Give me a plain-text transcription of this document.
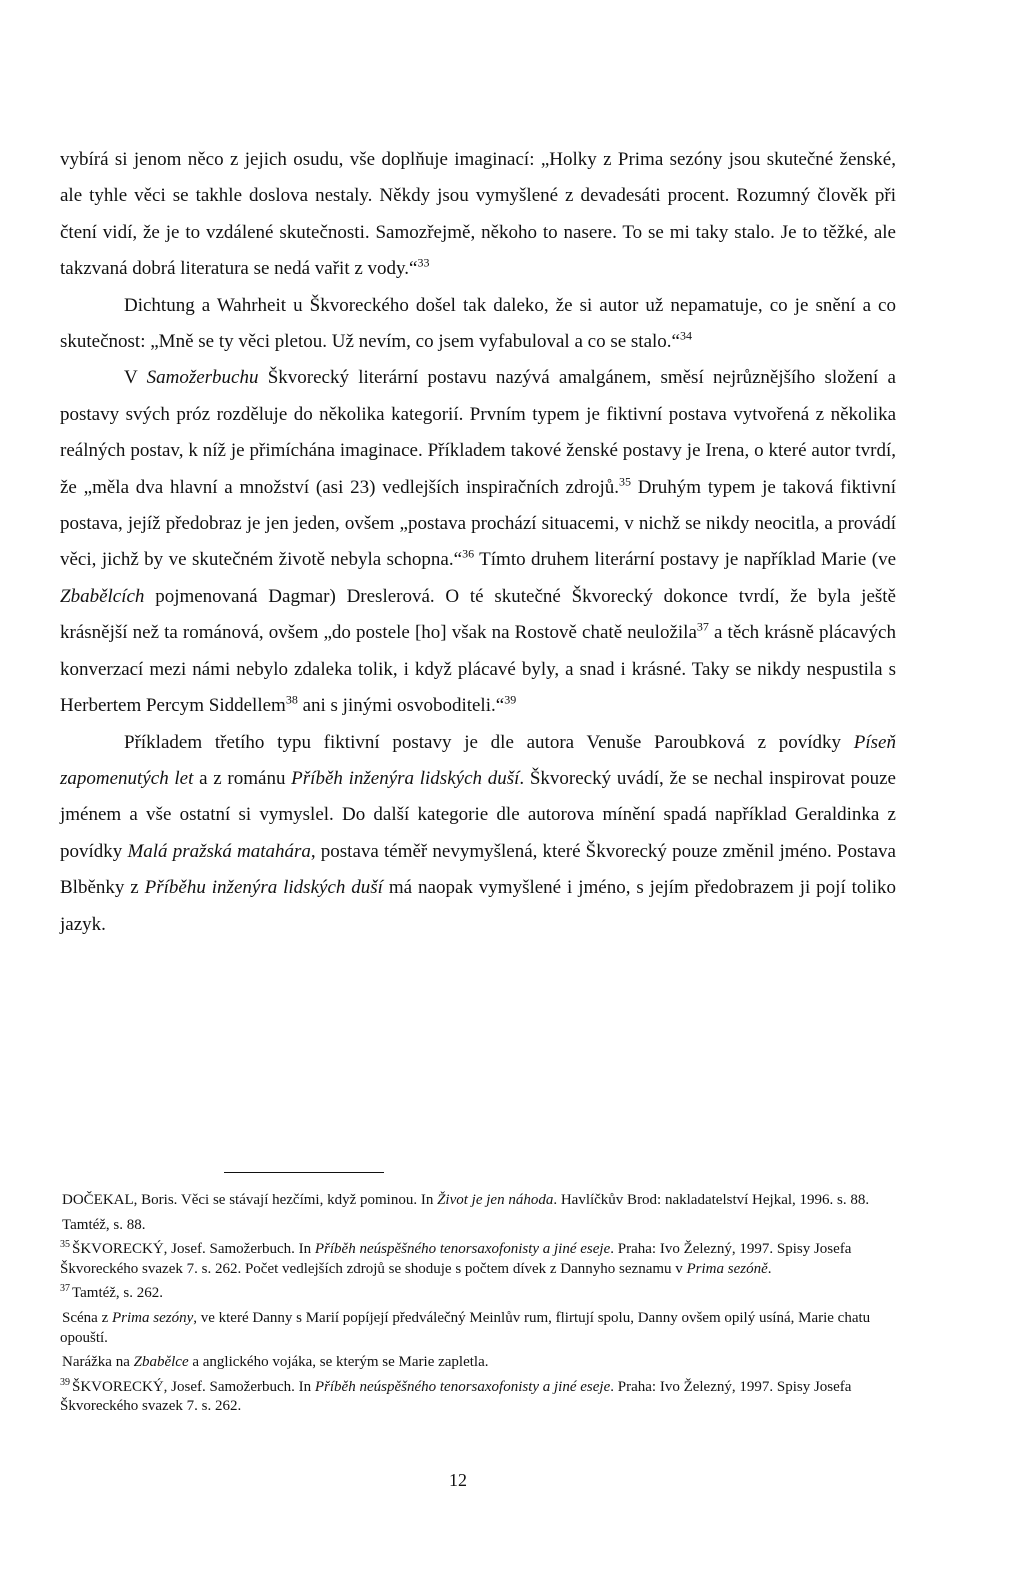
vybírá si jenom něco z jejich osudu, vše doplňuje imaginací: „Holky z Prima sezóny jsou skutečné ženské, ale tyhle věci se takhle doslova nestaly. Někdy jsou vymyšlené z devadesáti procent. Rozumný člověk při čtení vidí, že je to vzdálené skutečnosti. Samozřejmě, někoho to nasere. To se mi taky stalo. Je to těžké, ale takzvaná dobrá literatura se nedá vařit z vody.“$^{33}$

Dichtung a Wahrheit u Škvoreckého došel tak daleko, že si autor už nepamatuje, co je snění a co skutečnost: „Mně se ty věci pletou. Už nevím, co jsem vyfabuloval a co se stalo.“$^{34}$

V Samožerbuchu Škvorecký literární postavu nazývá amalgánem, směsí nejrůznějšího složení a postavy svých próz rozděluje do několika kategorií. Prvním typem je fiktivní postava vytvořená z několika reálných postav, k níž je přimíchána imaginace. Příkladem takové ženské postavy je Irena, o které autor tvrdí, že „měla dva hlavní a množství (asi 23) vedlejších inspiračních zdrojů.$^{35}$ Druhým typem je taková fiktivní postava, jejíž předobraz je jen jeden, ovšem „postava prochází situacemi, v nichž se nikdy neocitla, a provádí věci, jichž by ve skutečném životě nebyla schopna.“$^{36}$ Tímto druhem literární postavy je například Marie (ve Zbabělcích pojmenovaná Dagmar) Dreslerová. O té skutečné Škvorecký dokonce tvrdí, že byla ještě krásnější než ta románová, ovšem „do postele [ho] však na Rostově chatě neuložila$^{37}$ a těch krásně plácavých konverzací mezi námi nebylo zdaleka tolik, i když plácavé byly, a snad i krásné. Taky se nikdy nespustila s Herbertem Percym Siddellem$^{38}$ ani s jinými osvoboditeli.“$^{39}$

Příkladem třetího typu fiktivní postavy je dle autora Venuše Paroubková z povídky Píseň zapomenutých let a z románu Příběh inženýra lidských duší. Škvorecký uvádí, že se nechal inspirovat pouze jménem a vše ostatní si vymyslel. Do další kategorie dle autorova mínění spadá například Geraldinka z povídky Malá pražská matahára, postava téměř nevymyšlená, které Škvorecký pouze změnil jméno. Postava Blběnky z Příběhu inženýra lidských duší má naopak vymyšlené i jméno, s jejím předobrazem ji pojí toliko jazyk.

DOČEKAL, Boris. Věci se stávají hezčími, když pominou. In Život je jen náhoda. Havlíčkův Brod: nakladatelství Hejkal, 1996. s. 88.

Tamtéž, s. 88.

$^{35}$ ŠKVORECKÝ, Josef. Samožerbuch. In Příběh neúspěšného tenorsaxofonisty a jiné eseje. Praha: Ivo Železný, 1997. Spisy Josefa Škvoreckého svazek 7. s. 262. Počet vedlejších zdrojů se shoduje s počtem dívek z Dannyho seznamu v Prima sezóně.

$^{37}$ Tamtéž, s. 262.

Scéna z Prima sezóny, ve které Danny s Marií popíjejí předválečný Meinlův rum, flirtují spolu, Danny ovšem opilý usíná, Marie chatu opouští.

Narážka na Zbabělce a anglického vojáka, se kterým se Marie zapletla.

$^{39}$ ŠKVORECKÝ, Josef. Samožerbuch. In Příběh neúspěšného tenorsaxofonisty a jiné eseje. Praha: Ivo Železný, 1997. Spisy Josefa Škvoreckého svazek 7. s. 262.

12
